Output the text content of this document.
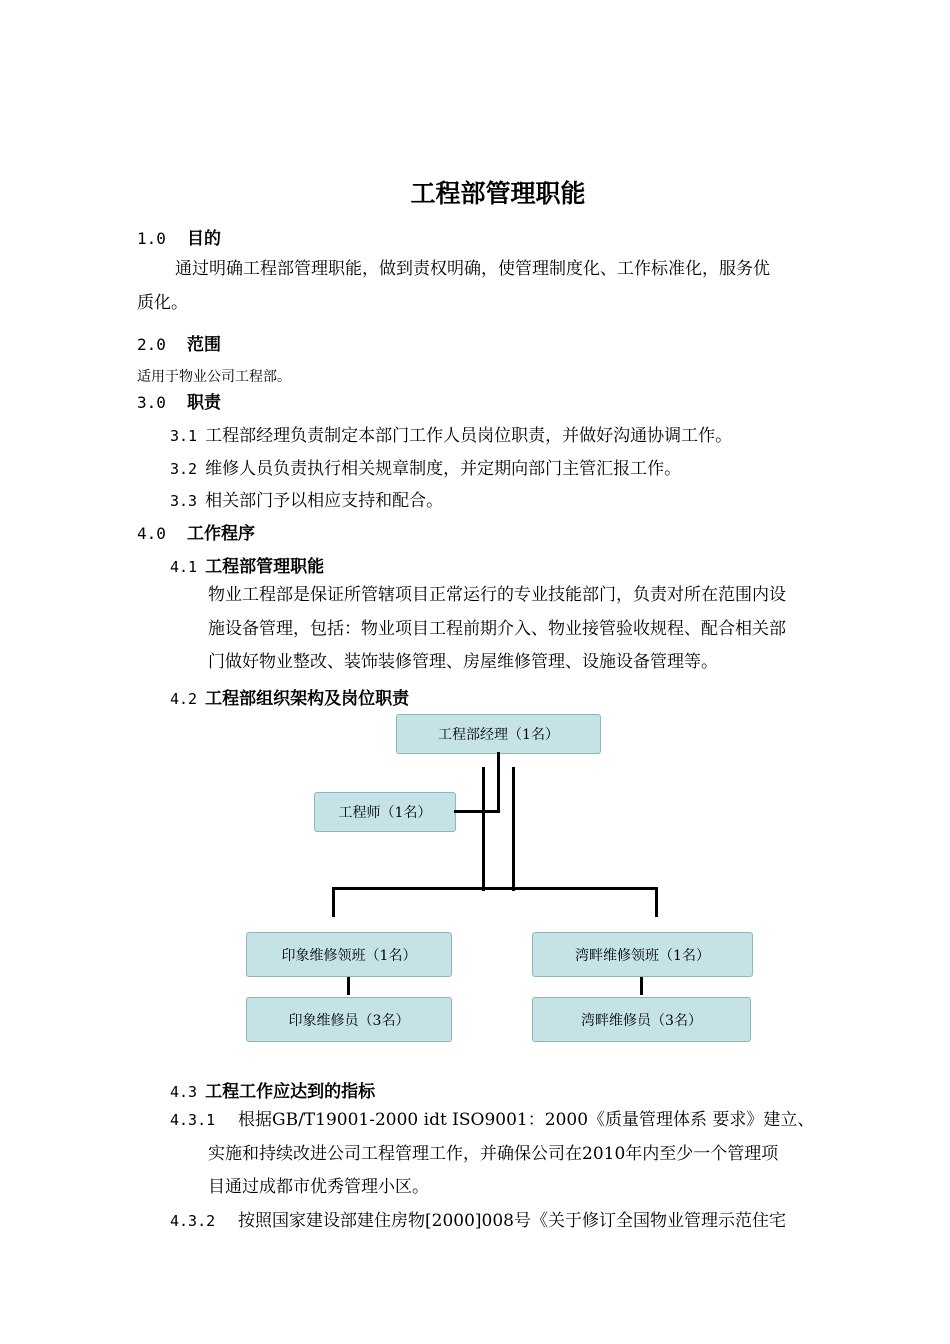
工程部管理职能
1.0 目的
通过明确工程部管理职能，做到责权明确，使管理制度化、工作标准化，服务优
质化。
2.0 范围
适用于物业公司工程部。
3.0 职责
3.1 工程部经理负责制定本部门工作人员岗位职责，并做好沟通协调工作。
3.2 维修人员负责执行相关规章制度，并定期向部门主管汇报工作。
3.3 相关部门予以相应支持和配合。
4.0 工作程序
4.1 工程部管理职能
物业工程部是保证所管辖项目正常运行的专业技能部门，负责对所在范围内设
施设备管理，包括：物业项目工程前期介入、物业接管验收规程、配合相关部
门做好物业整改、装饰装修管理、房屋维修管理、设施设备管理等。
4.2 工程部组织架构及岗位职责
工程部经理（1名）
工程师（1名）
印象维修领班（1名）	湾畔维修领班（1名）
印象维修员（3名）	湾畔维修员（3名）
4.3 工程工作应达到的指标
4.3.1 根据GB/T19001-2000 idt ISO9001：2000《质量管理体系 要求》建立、
实施和持续改进公司工程管理工作，并确保公司在2010年内至少一个管理项
目通过成都市优秀管理小区。
4.3.2 按照国家建设部建住房物[2000]008号《关于修订全国物业管理示范住宅
